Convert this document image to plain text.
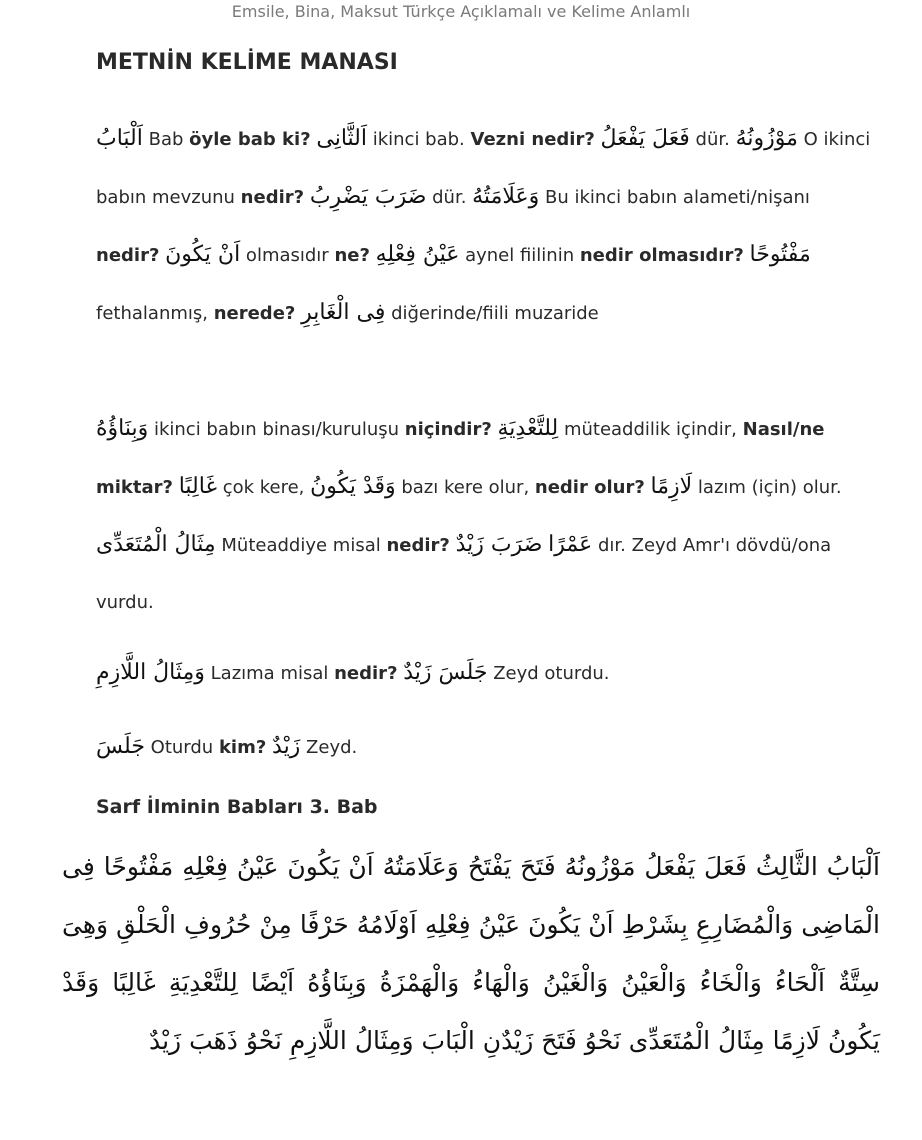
Emsile, Bina, Maksut Türkçe Açıklamalı ve Kelime Anlamlı
METNİN KELİME MANASI
اَلْبَابُ Bab öyle bab ki? اَلثَّانِى ikinci bab. Vezni nedir? فَعَلَ يَفْعَلُ dür. مَوْزُونُهُ O ikinci babın mevzunu nedir? ضَرَبَ يَضْرِبُ dür. وَعَلَامَتُهُ Bu ikinci babın alameti/nişanı nedir? اَنْ يَكُونَ olmasıdır ne? عَيْنُ فِعْلِهِ aynel fiilinin nedir olmasıdır? مَفْتُوحًا fethalanmış, nerede? فِى الْغَابِرِ diğerinde/fiili muzaride
وَبِنَاؤُهُ ikinci babın binası/kuruluşu niçindir? لِلتَّعْدِيَةِ müteaddilik içindir, Nasıl/ne miktar? غَالِبًا çok kere, وَقَدْ يَكُونُ bazı kere olur, nedir olur? لَازِمًا lazım (için) olur. مِثَالُ الْمُتَعَدِّى Müteaddiye misal nedir? ضَرَبَ زَيْدٌ عَمْرًا dır. Zeyd Amr'ı dövdü/ona vurdu.
وَمِثَالُ اللَّازِمِ Lazıma misal nedir? جَلَسَ زَيْدٌ Zeyd oturdu.
جَلَسَ Oturdu kim? زَيْدٌ Zeyd.
Sarf İlminin Babları 3. Bab
اَلْبَابُ الثَّالِثُ فَعَلَ يَفْعَلُ مَوْزُونُهُ فَتَحَ يَفْتَحُ وَعَلَامَتُهُ اَنْ يَكُونَ عَيْنُ فِعْلِهِ مَفْتُوحًا فِى الْمَاضِى وَالْمُضَارِعِ بِشَرْطِ اَنْ يَكُونَ عَيْنُ فِعْلِهِ اَوْلَامُهُ حَرْفًا مِنْ حُرُوفِ الْحَلْقِ وَهِىَ سِتَّةٌ اَلْحَاءُ وَالْخَاءُ وَالْعَيْنُ وَالْغَيْنُ وَالْهَاءُ وَالْهَمْزَةُ وَبِنَاؤُهُ اَيْضًا لِلتَّعْدِيَةِ غَالِبًا وَقَدْ يَكُونُ لَازِمًا مِثَالُ الْمُتَعَدِّى نَحْوُ فَتَحَ زَيْدٌنِ الْبَابَ وَمِثَالُ اللَّازِمِ نَحْوُ ذَهَبَ زَيْدٌ
